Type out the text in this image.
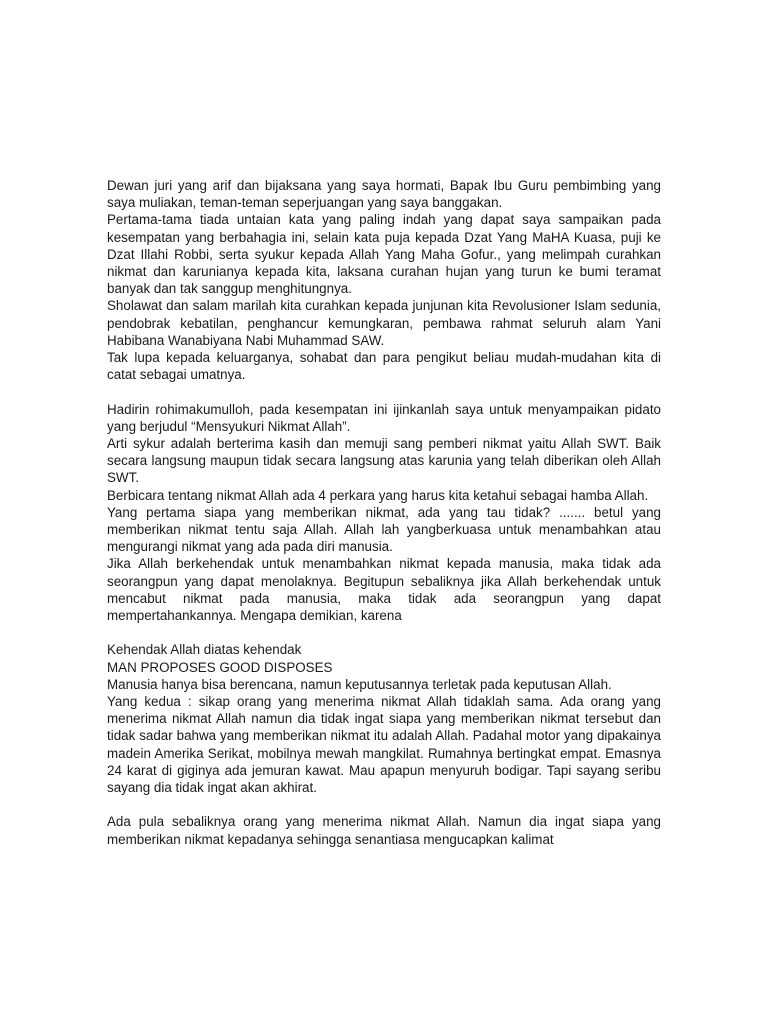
Dewan juri yang arif dan bijaksana yang saya hormati, Bapak Ibu Guru pembimbing yang saya muliakan, teman-teman seperjuangan yang saya banggakan.

Pertama-tama tiada untaian kata yang paling indah yang dapat saya sampaikan pada kesempatan yang berbahagia ini, selain kata puja kepada Dzat Yang MaHA Kuasa, puji ke Dzat Illahi Robbi, serta syukur kepada Allah Yang Maha Gofur., yang melimpah curahkan nikmat dan karunianya kepada kita, laksana curahan hujan yang turun ke bumi teramat banyak dan tak sanggup menghitungnya.

Sholawat dan salam marilah kita curahkan kepada junjunan kita Revolusioner Islam sedunia, pendobrak kebatilan, penghancur kemungkaran, pembawa rahmat seluruh alam Yani Habibana Wanabiyana Nabi Muhammad SAW.

Tak lupa kepada keluarganya, sohabat dan para pengikut beliau mudah-mudahan kita di catat sebagai umatnya.

Hadirin rohimakumulloh, pada kesempatan ini ijinkanlah saya untuk menyampaikan pidato yang berjudul “Mensyukuri Nikmat Allah”.

Arti sykur adalah berterima kasih dan memuji sang pemberi nikmat yaitu Allah SWT. Baik secara langsung maupun tidak secara langsung atas karunia yang telah diberikan oleh Allah SWT.

Berbicara tentang nikmat Allah ada 4 perkara yang harus kita ketahui sebagai hamba Allah.

Yang pertama siapa yang memberikan nikmat, ada yang tau tidak? ....... betul yang memberikan nikmat tentu saja Allah. Allah lah yangberkuasa untuk menambahkan atau mengurangi nikmat yang ada pada diri manusia.

Jika Allah berkehendak untuk menambahkan nikmat kepada manusia, maka tidak ada seorangpun yang dapat menolaknya. Begitupun sebaliknya jika Allah berkehendak untuk mencabut nikmat pada manusia, maka tidak ada seorangpun yang dapat mempertahankannya. Mengapa demikian, karena

Kehendak Allah diatas kehendak

MAN PROPOSES GOOD DISPOSES

Manusia hanya bisa berencana, namun keputusannya terletak pada keputusan Allah.

Yang kedua : sikap orang yang menerima nikmat Allah tidaklah sama. Ada orang yang menerima nikmat Allah namun dia tidak ingat siapa yang memberikan nikmat tersebut dan tidak sadar bahwa yang memberikan nikmat itu adalah Allah. Padahal motor yang dipakainya madein Amerika Serikat, mobilnya mewah mangkilat. Rumahnya bertingkat empat. Emasnya 24 karat di giginya ada jemuran kawat. Mau apapun menyuruh bodigar. Tapi sayang seribu sayang dia tidak ingat akan akhirat.

Ada pula sebaliknya orang yang menerima nikmat Allah. Namun dia ingat siapa yang memberikan nikmat kepadanya sehingga senantiasa mengucapkan kalimat
